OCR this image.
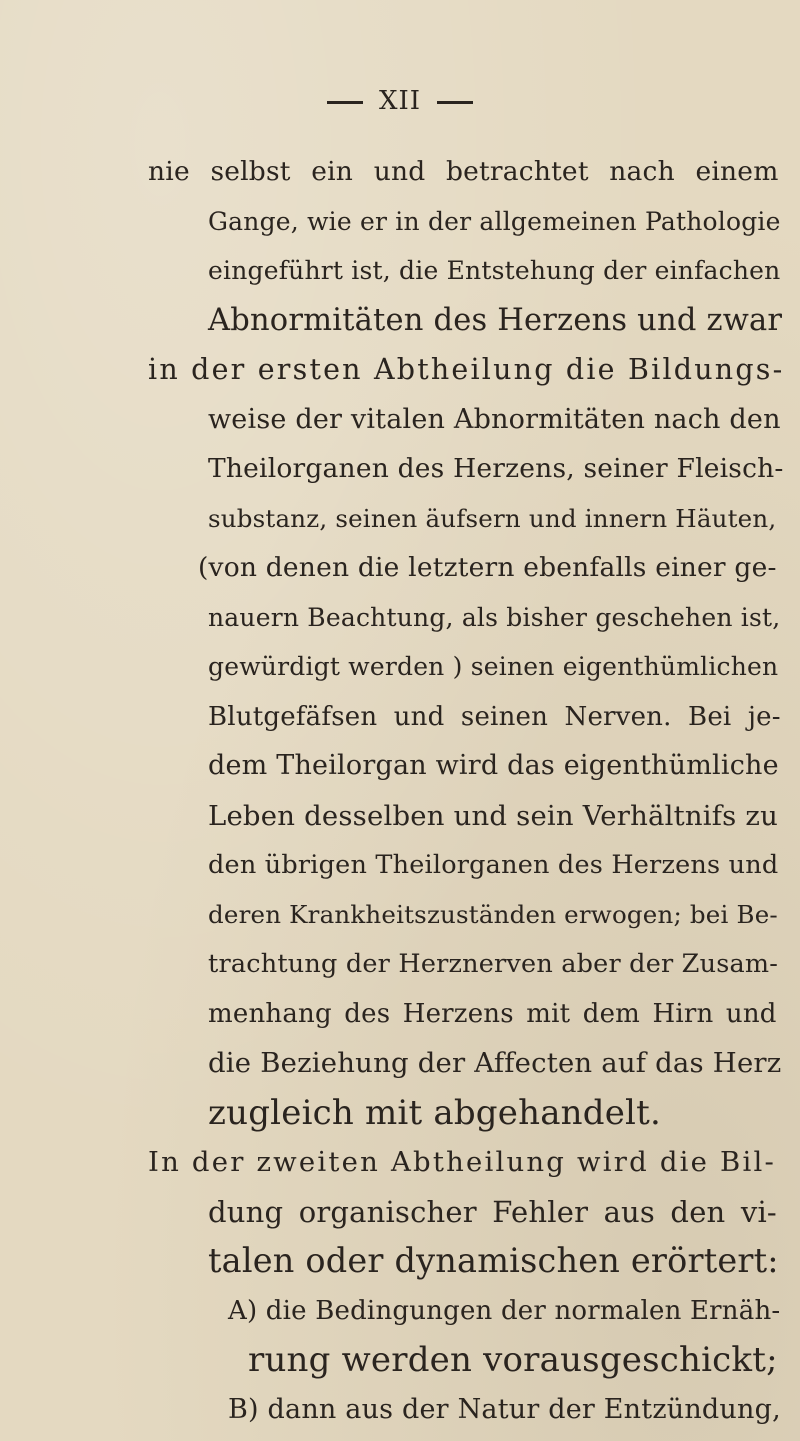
XII
nie selbst ein und betrachtet nach einem
Gange, wie er in der allgemeinen Pathologie
eingeführt ist, die Entstehung der einfachen
Abnormitäten des Herzens und zwar
in der ersten Abtheilung die Bildungs-
weise der vitalen Abnormitäten nach den
Theilorganen des Herzens, seiner Fleisch-
substanz, seinen äufsern und innern Häuten,
(von denen die letztern ebenfalls einer ge-
nauern Beachtung, als bisher geschehen ist,
gewürdigt werden ) seinen eigenthümlichen
Blutgefäfsen und seinen Nerven. Bei je-
dem Theilorgan wird das eigenthümliche
Leben desselben und sein Verhältnifs zu
den übrigen Theilorganen des Herzens und
deren Krankheitszuständen erwogen; bei Be-
trachtung der Herznerven aber der Zusam-
menhang des Herzens mit dem Hirn und
die Beziehung der Affecten auf das Herz
zugleich mit abgehandelt.
In der zweiten Abtheilung wird die Bil-
dung organischer Fehler aus den vi-
talen oder dynamischen erörtert:
A) die Bedingungen der normalen Ernäh-
rung werden vorausgeschickt;
B) dann aus der Natur der Entzündung,
